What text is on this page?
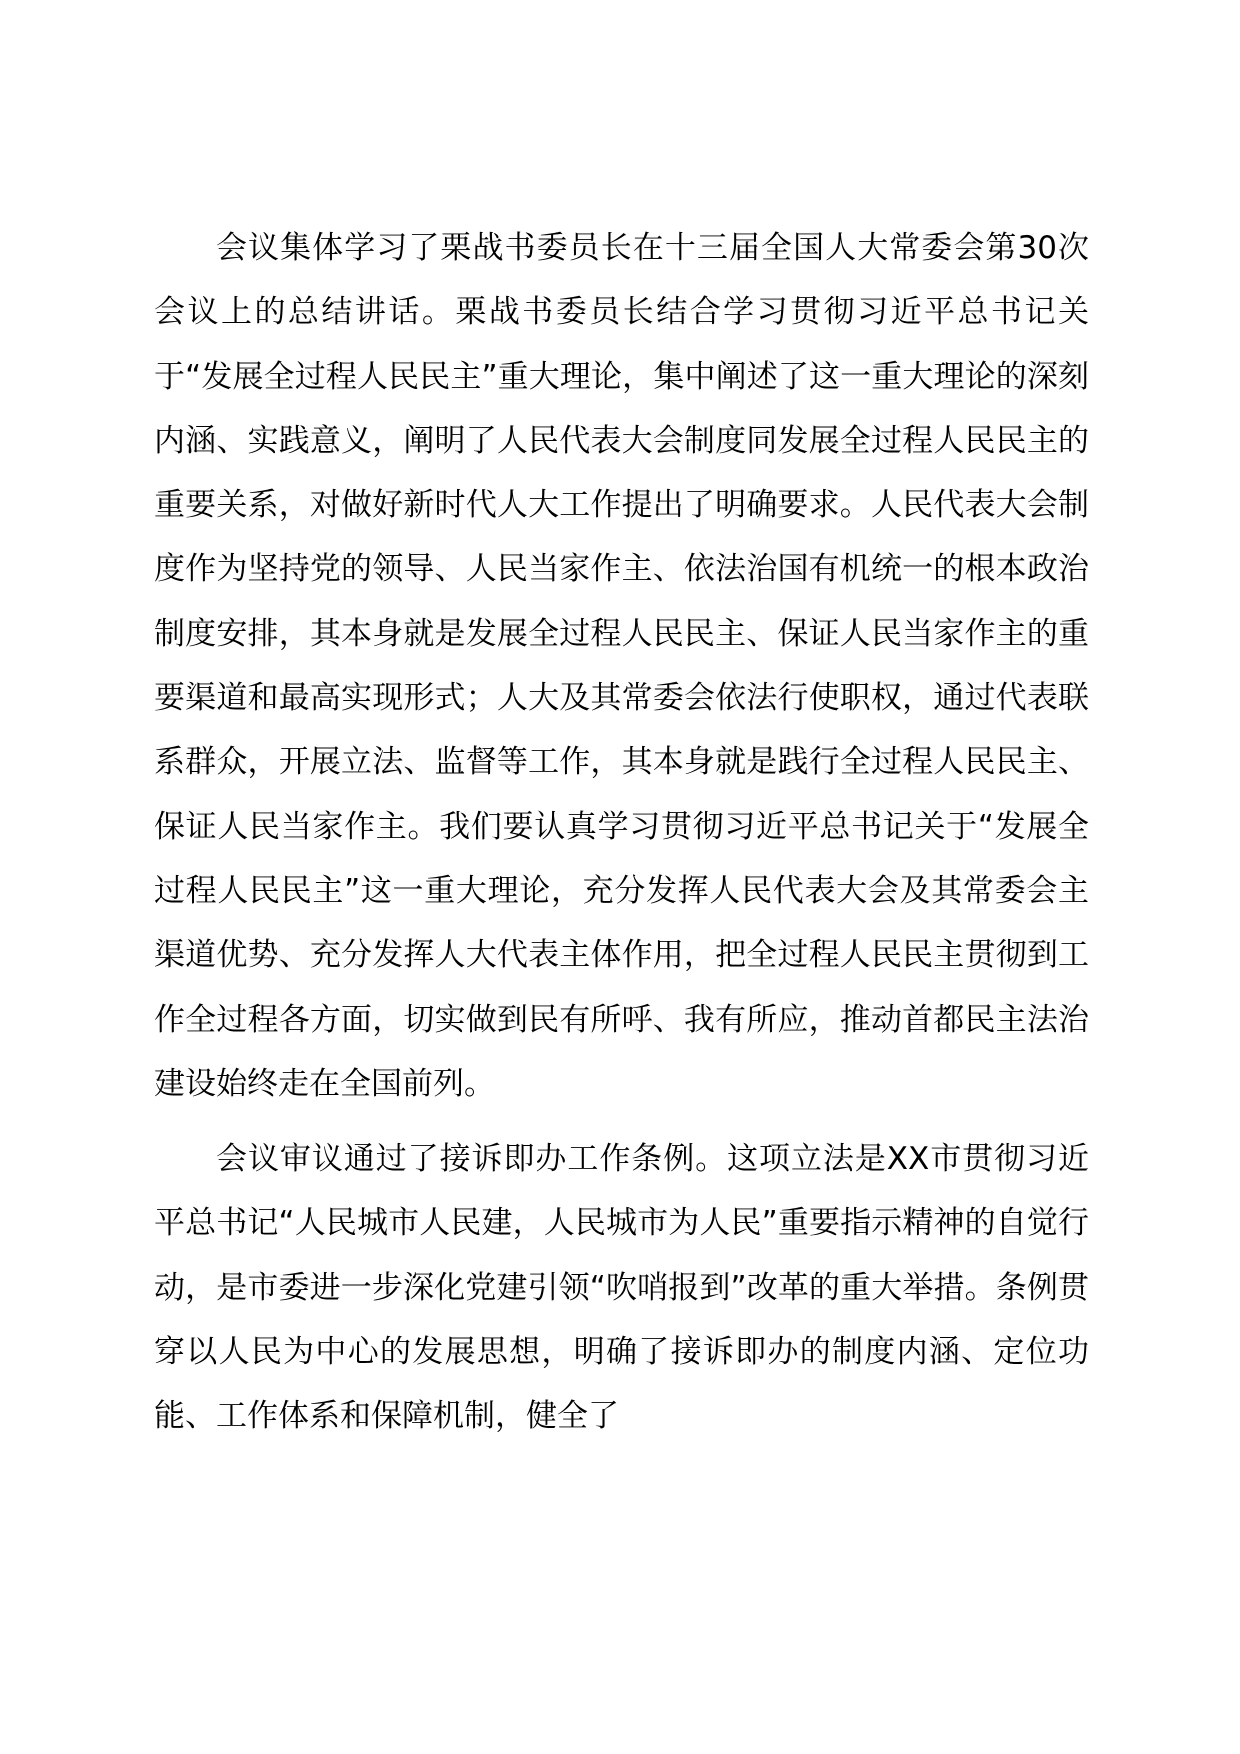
会议集体学习了栗战书委员长在十三届全国人大常委会第30次会议上的总结讲话。栗战书委员长结合学习贯彻习近平总书记关于“发展全过程人民民主”重大理论，集中阐述了这一重大理论的深刻内涵、实践意义，阐明了人民代表大会制度同发展全过程人民民主的重要关系，对做好新时代人大工作提出了明确要求。人民代表大会制度作为坚持党的领导、人民当家作主、依法治国有机统一的根本政治制度安排，其本身就是发展全过程人民民主、保证人民当家作主的重要渠道和最高实现形式；人大及其常委会依法行使职权，通过代表联系群众，开展立法、监督等工作，其本身就是践行全过程人民民主、保证人民当家作主。我们要认真学习贯彻习近平总书记关于“发展全过程人民民主”这一重大理论，充分发挥人民代表大会及其常委会主渠道优势、充分发挥人大代表主体作用，把全过程人民民主贯彻到工作全过程各方面，切实做到民有所呼、我有所应，推动首都民主法治建设始终走在全国前列。

会议审议通过了接诉即办工作条例。这项立法是XX市贯彻习近平总书记“人民城市人民建，人民城市为人民”重要指示精神的自觉行动，是市委进一步深化党建引领“吹哨报到”改革的重大举措。条例贯穿以人民为中心的发展思想，明确了接诉即办的制度内涵、定位功能、工作体系和保障机制，健全了
